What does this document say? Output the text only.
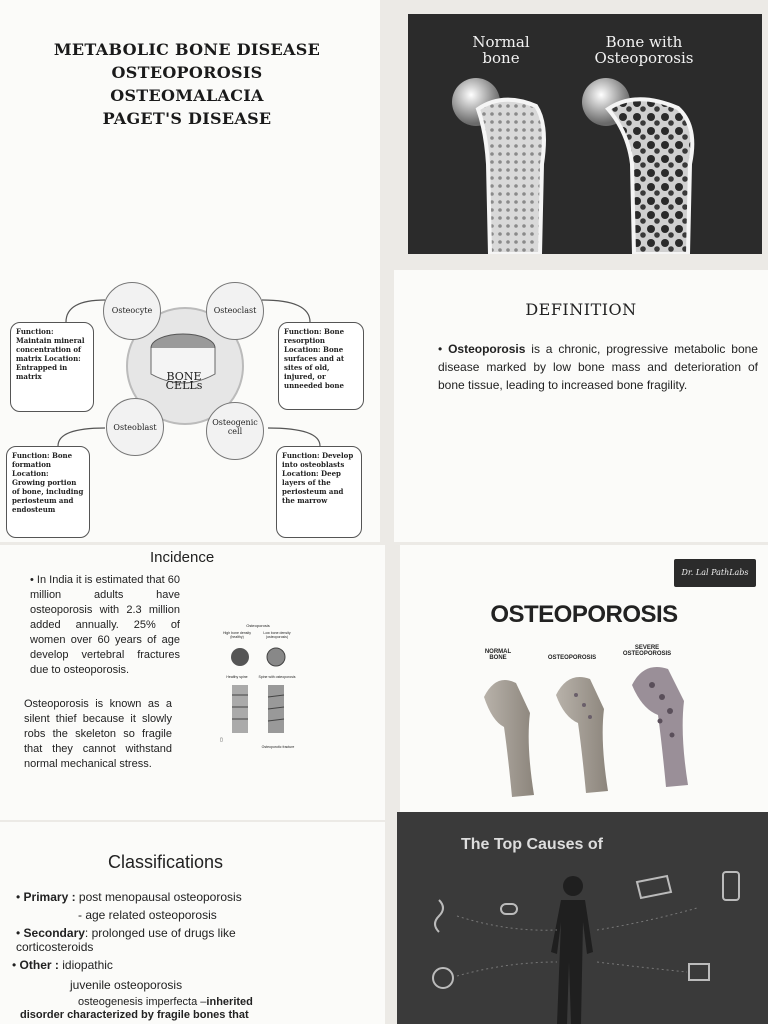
METABOLIC BONE DISEASE
OSTEOPOROSIS
OSTEOMALACIA
PAGET'S DISEASE
Normal
bone
Bone with
Osteoporosis
BONE CELLs
Osteocyte	Osteoclast
Osteoblast
Osteogenic cell
Function: Maintain mineral concentration of matrix Location: Entrapped in matrix
Function: Bone resorption Location: Bone surfaces and at sites of old, injured, or unneeded bone
Function: Bone formation Location: Growing portion of bone, including periosteum and endosteum
Function: Develop into osteoblasts Location: Deep layers of the periosteum and the marrow
DEFINITION
• Osteoporosis is a chronic, progressive metabolic bone disease marked by low bone mass and deterioration of bone tissue, leading to increased bone fragility.
Incidence
• In India it is estimated that 60 million adults have osteoporosis with 2.3 million added annually. 25% of women over 60 years of age develop vertebral fractures due to osteoporosis.
Osteoporosis is known as a silent thief because it slowly robs the skeleton so fragile that they cannot withstand normal mechanical stress.
Osteoporosis
High bone density (healthy)
Low bone density (osteoporosis)
▯
Healthy spine	Spine with osteoporosis
Osteoporotic fracture
Dr. Lal PathLabs
OSTEOPOROSIS
NORMAL BONE	OSTEOPOROSIS
SEVERE OSTEOPOROSIS
Classifications
• Primary : post menopausal osteoporosis
- age related osteoporosis
• Secondary: prolonged use of drugs like corticosteroids
• Other : idiopathic
juvenile osteoporosis
osteogenesis imperfecta –inherited disorder characterized by fragile bones that
The Top Causes of
